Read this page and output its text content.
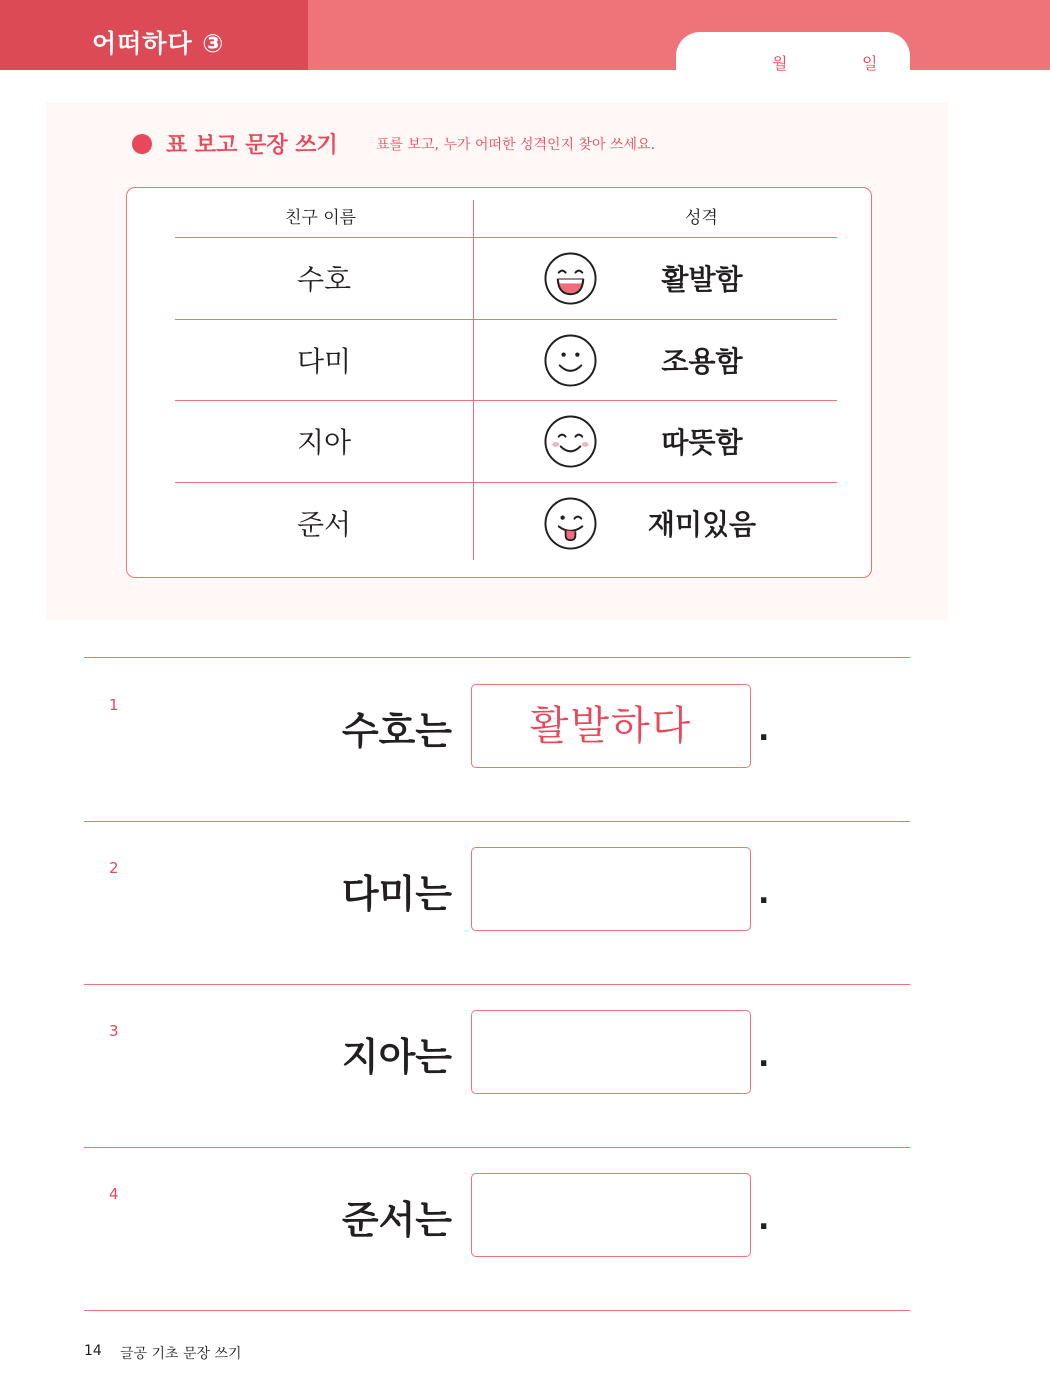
어떠하다 ③
월	일
표 보고 문장 쓰기	표를 보고, 누가 어떠한 성격인지 찾아 쓰세요.
친구 이름	성격
수호	활발함
다미	조용함
지아	따뜻함
준서	재미있음
1
수호는	활발하다	.
2
다미는	.
3
지아는	.
4
준서는	.
14 글공 기초 문장 쓰기
